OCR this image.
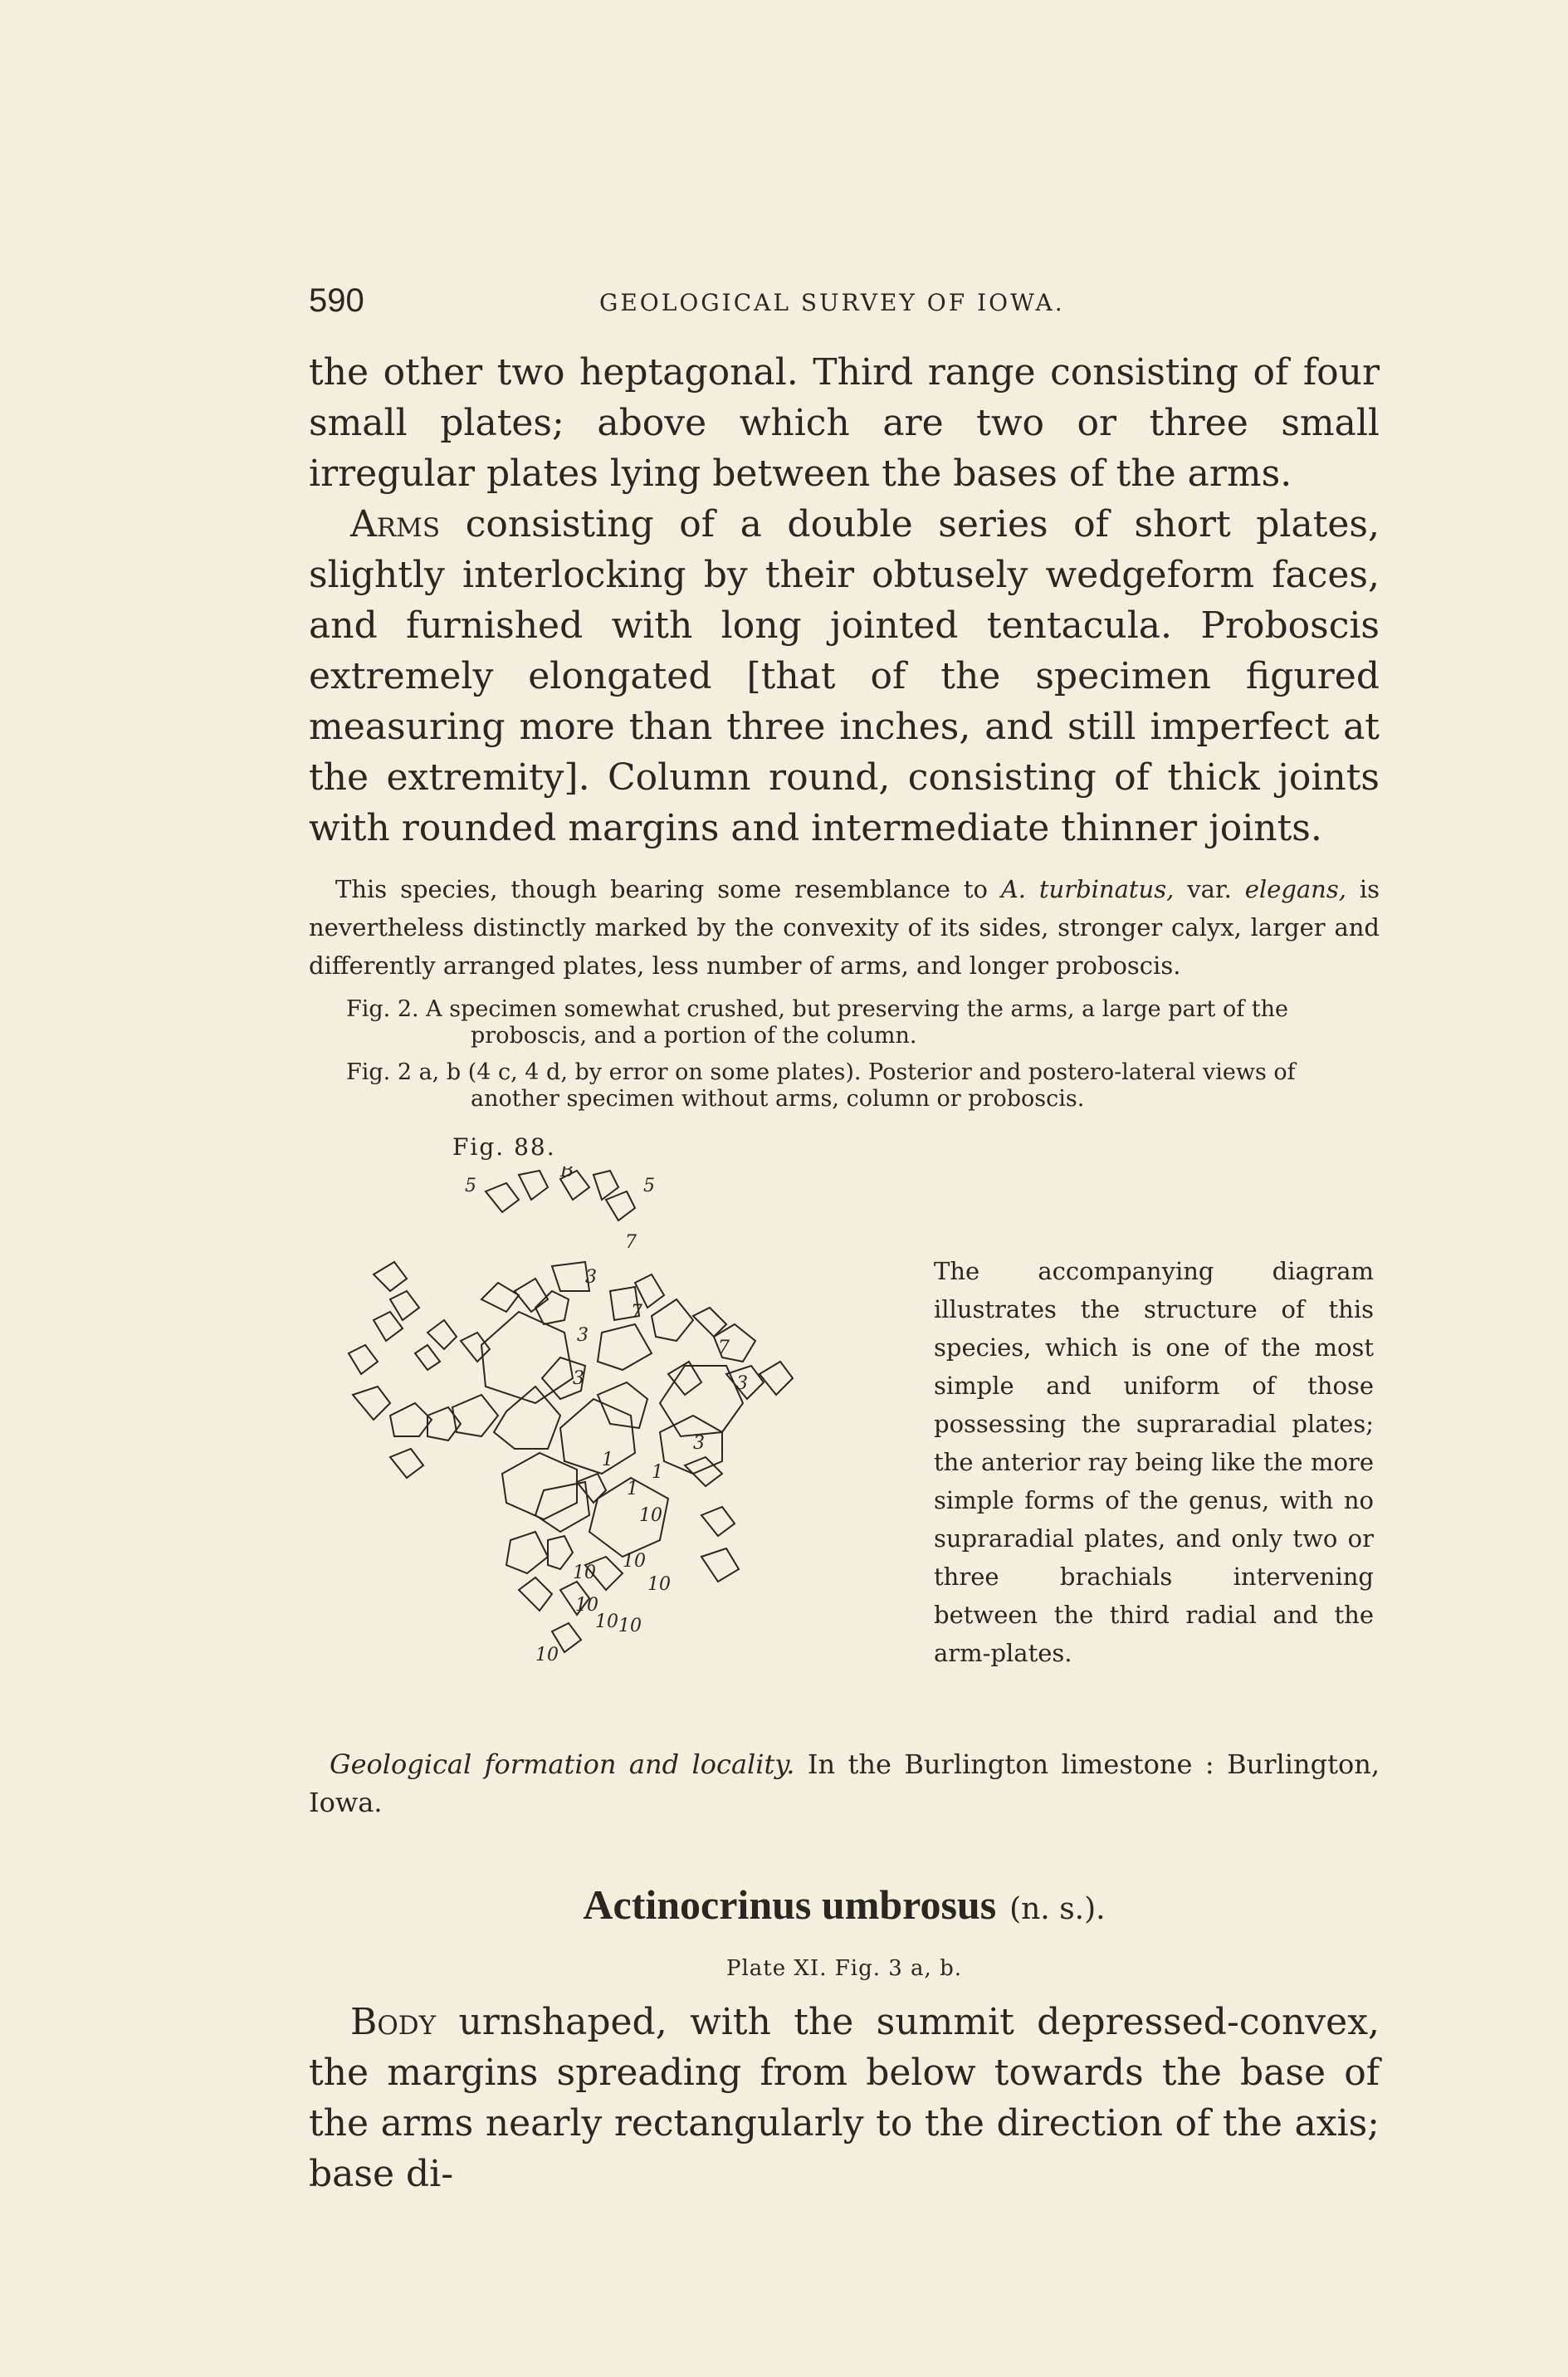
590	GEOLOGICAL SURVEY OF IOWA.

the other two heptagonal. Third range consisting of four small plates; above which are two or three small irregular plates lying between the bases of the arms.

Arms consisting of a double series of short plates, slightly interlocking by their obtusely wedgeform faces, and furnished with long jointed tentacula. Proboscis extremely elongated [that of the specimen figured measuring more than three inches, and still imperfect at the extremity]. Column round, consisting of thick joints with rounded margins and intermediate thinner joints.

This species, though bearing some resemblance to A. turbinatus, var. elegans, is nevertheless distinctly marked by the convexity of its sides, stronger calyx, larger and differently arranged plates, less number of arms, and longer proboscis.

Fig. 2. A specimen somewhat crushed, but preserving the arms, a large part of the proboscis, and a portion of the column.

Fig. 2 a, b (4 c, 4 d, by error on some plates). Posterior and postero-lateral views of another specimen without arms, column or proboscis.

Fig. 88.
B
5	5
7
3
3
3	3
3
7
7
1
1
1
10
10
10
10
10
10 10
10

The accompanying diagram illustrates the structure of this species, which is one of the most simple and uniform of those possessing the supraradial plates; the anterior ray being like the more simple forms of the genus, with no supraradial plates, and only two or three brachials intervening between the third radial and the arm-plates.

Geological formation and locality. In the Burlington limestone : Burlington, Iowa.

Actinocrinus umbrosus (n. s.).
Plate XI. Fig. 3 a, b.

Body urnshaped, with the summit depressed-convex, the margins spreading from below towards the base of the arms nearly rectangularly to the direction of the axis; base di-
